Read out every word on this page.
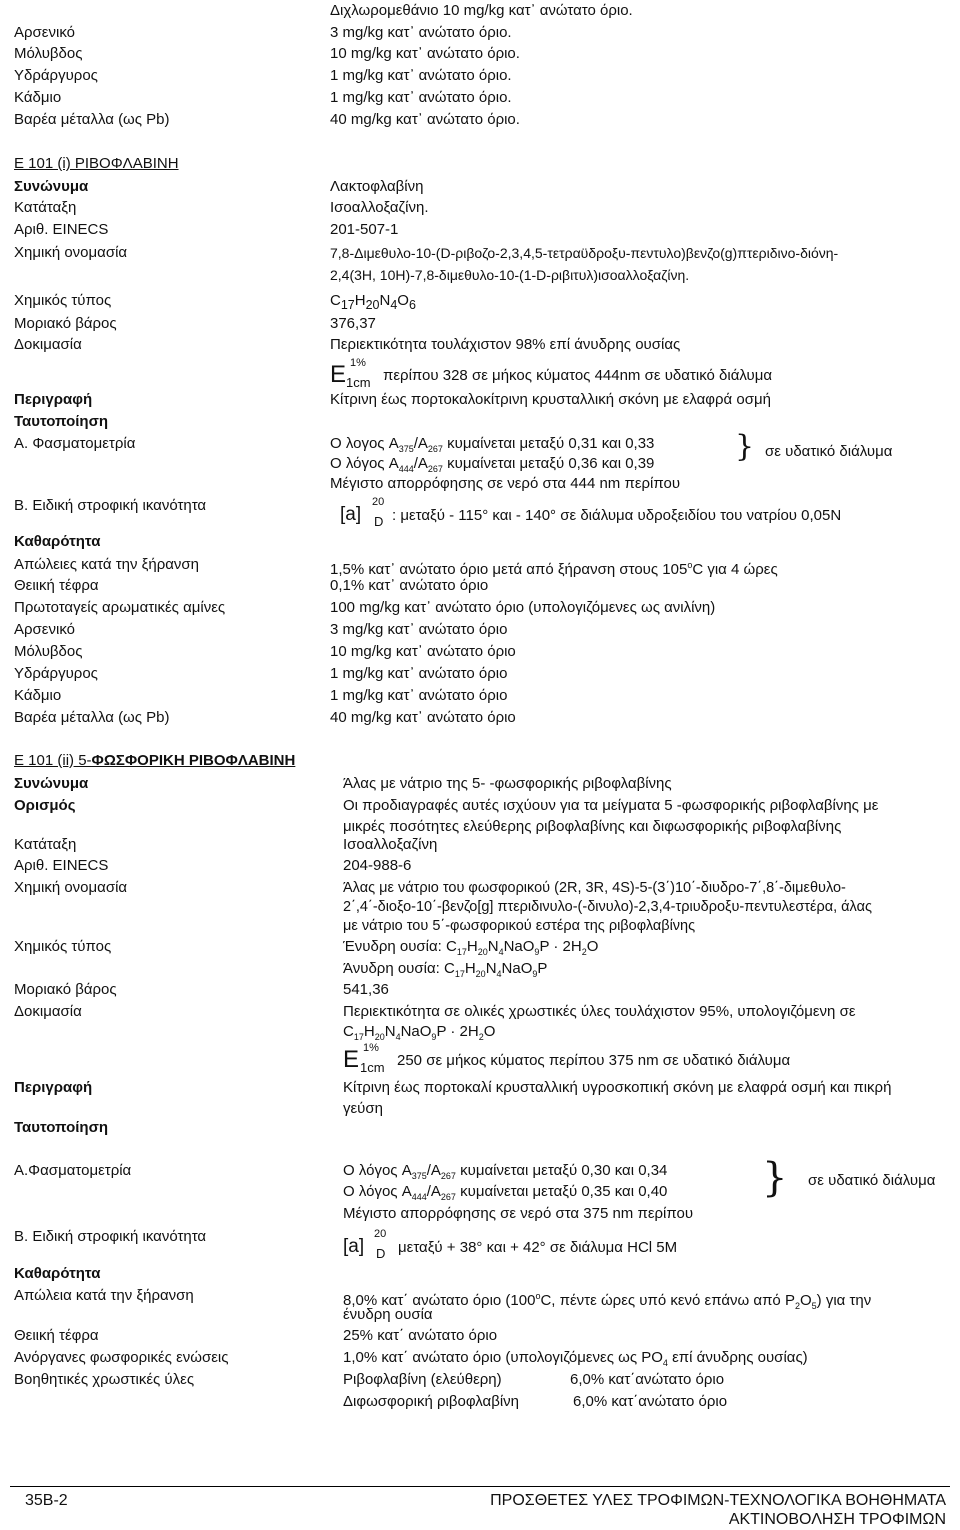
Διχλωρομεθάνιο 10 mg/kg κατ᾽ ανώτατο όριο.
Αρσενικό	3 mg/kg κατ᾽ ανώτατο όριο.
Μόλυβδος	10 mg/kg κατ᾽ ανώτατο όριο.
Υδράργυρος	1 mg/kg κατ᾽ ανώτατο όριο.
Κάδμιο	1 mg/kg κατ᾽ ανώτατο όριο.
Βαρέα μέταλλα (ως Pb)	40 mg/kg κατ᾽ ανώτατο όριο.
E 101 (i) ΡΙΒΟΦΛΑΒΙΝΗ
Συνώνυμα	Λακτοφλαβίνη
Κατάταξη	Ισοαλλοξαζίνη.
Αριθ. EINECS	201-507-1
Χημική ονομασία	7,8-Διμεθυλο-10-(D-ριβοζο-2,3,4,5-τετραϋδροξυ-πεντυλο)βενζο(g)πτεριδινο-διόνη-
2,4(3H, 10H)-7,8-διμεθυλο-10-(1-D-ριβιτυλ)ισοαλλοξαζίνη.
Χημικός τύπος	$C_{17}H_{20}N_4O_6$
Μοριακό βάρος	376,37
Δοκιμασία	Περιεκτικότητα τουλάχιστον 98% επί άνυδρης ουσίας
E 1%
1cm περίπου 328 σε μήκος κύματος 444nm σε υδατικό διάλυμα
Περιγραφή	Κίτρινη έως πορτοκαλοκίτρινη κρυσταλλική σκόνη με ελαφρά οσμή
Ταυτοποίηση
A. Φασματομετρία	Ο λογος $A_{375}/A_{267}$ κυμαίνεται μεταξύ 0,31 και 0,33
Ο λόγος $A_{444}/A_{267}$ κυμαίνεται μεταξύ 0,36 και 0,39
Μέγιστο απορρόφησης σε νερό στα 444 nm περίπου
} σε υδατικό διάλυμα
B. Ειδική στροφική ικανότητα	[a]
20
D : μεταξύ - 115° και - 140° σε διάλυμα υδροξειδίου του νατρίου 0,05N
Καθαρότητα
Απώλειες κατά την ξήρανση	1,5% κατ᾽ ανώτατο όριο μετά από ξήρανση στους 105$^o$C για 4 ώρες
Θειική τέφρα	0,1% κατ᾽ ανώτατο όριο
Πρωτοταγείς αρωματικές αμίνες	100 mg/kg κατ᾽ ανώτατο όριο (υπολογιζόμενες ως ανιλίνη)
Αρσενικό	3 mg/kg κατ᾽ ανώτατο όριο
Μόλυβδος	10 mg/kg κατ᾽ ανώτατο όριο
Υδράργυρος	1 mg/kg κατ᾽ ανώτατο όριο
Κάδμιο	1 mg/kg κατ᾽ ανώτατο όριο
Βαρέα μέταλλα (ως Pb)	40 mg/kg κατ᾽ ανώτατο όριο
E 101 (ii) 5-ΦΩΣΦΟΡΙΚΗ ΡΙΒΟΦΛΑΒΙΝΗ
Συνώνυμα	Άλας με νάτριο της 5- -φωσφορικής ριβοφλαβίνης
Ορισμός	Οι προδιαγραφές αυτές ισχύουν για τα μείγματα 5 -φωσφορικής ριβοφλαβίνης με
μικρές ποσότητες ελεύθερης ριβοφλαβίνης και διφωσφορικής ριβοφλαβίνης
Κατάταξη	Ισοαλλοξαζίνη
Αριθ. EINECS	204-988-6
Χημική ονομασία	Άλας με νάτριο του φωσφορικού (2R, 3R, 4S)-5-(3΄)10΄-διυδρο-7΄,8΄-διμεθυλο-
2΄,4΄-διοξο-10΄-βενζο[g] πτεριδινυλο-(-δινυλο)-2,3,4-τριυδροξυ-πεντυλεστέρα, άλας
με νάτριο του 5΄-φωσφορικού εστέρα της ριβοφλαβίνης
Χημικός τύπος	Ένυδρη ουσία: $C_{17}H_{20}N_4NaO_9P \cdot 2H_2O$
Άνυδρη ουσία: $C_{17}H_{20}N_4NaO_9P$
Μοριακό βάρος	541,36
Δοκιμασία	Περιεκτικότητα σε ολικές χρωστικές ύλες τουλάχιστον 95%, υπολογιζόμενη σε
$C_{17}H_{20}N_4NaO_9P \cdot 2H_2O$
E 1%
1cm 250 σε μήκος κύματος περίπου 375 nm σε υδατικό διάλυμα
Περιγραφή	Κίτρινη έως πορτοκαλί κρυσταλλική υγροσκοπική σκόνη με ελαφρά οσμή και πικρή
γεύση
Ταυτοποίηση
A.Φασματομετρία	Ο λόγος $A_{375}/A_{267}$ κυμαίνεται μεταξύ 0,30 και 0,34
Ο λόγος $A_{444}/A_{267}$ κυμαίνεται μεταξύ 0,35 και 0,40
Μέγιστο απορρόφησης σε νερό στα 375 nm περίπου
} σε υδατικό διάλυμα
B. Ειδική στροφική ικανότητα	[a]
20
D μεταξύ + 38° και + 42° σε διάλυμα HCl 5M
Καθαρότητα
Απώλεια κατά την ξήρανση	8,0% κατ΄ ανώτατο όριο (100$^o$C, πέντε ώρες υπό κενό επάνω από $P_2O_5$) για την
ένυδρη ουσία
Θειική τέφρα	25% κατ΄ ανώτατο όριο
Ανόργανες φωσφορικές ενώσεις	1,0% κατ΄ ανώτατο όριο (υπολογιζόμενες ως $PO_4$ επί άνυδρης ουσίας)
Βοηθητικές χρωστικές ύλες	Ριβοφλαβίνη (ελεύθερη)	6,0% κατ΄ανώτατο όριο
Διφωσφορική ριβοφλαβίνη	6,0% κατ΄ανώτατο όριο
35B-2	ΠΡΟΣΘΕΤΕΣ ΥΛΕΣ ΤΡΟΦΙΜΩΝ-ΤΕΧΝΟΛΟΓΙΚΑ ΒΟΗΘΗΜΑΤΑ
ΑΚΤΙΝΟΒΟΛΗΣΗ ΤΡΟΦΙΜΩΝ
